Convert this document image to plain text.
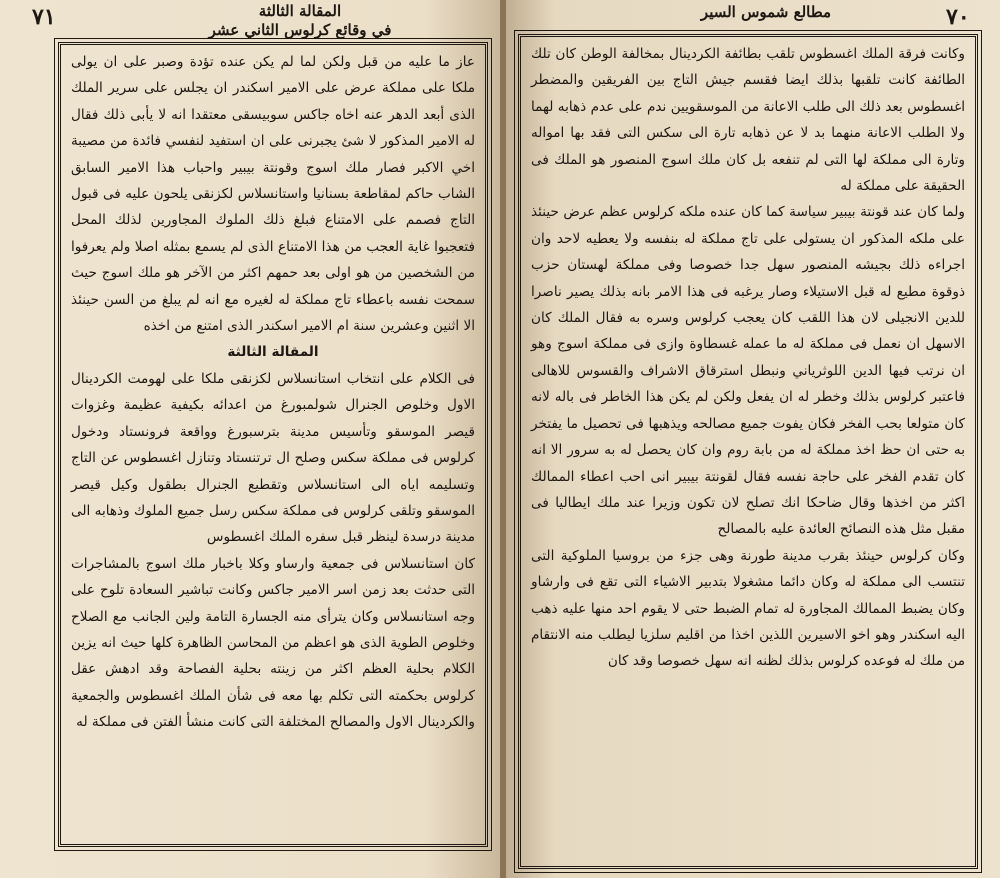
٧١	المقالة الثالثة
في وقائع كرلوس الثاني عشر

عاز ما عليه من قبل ولكن لما لم يكن عنده تؤدة وصبر على ان يولى ملكا على مملكة عرض على الامير اسكندر ان يجلس على سرير الملك الذى أبعد الدهر عنه اخاه جاكس سوبيسقى معتقدا انه لا يأبى ذلك فقال له الامير المذكور لا شئ يجبرنى على ان استفيد لنفسي فائدة من مصيبة اخي الاكبر فصار ملك اسوج وقونتة بيبير واحباب هذا الامير السابق الشاب حاكم لمقاطعة بسنانيا واستانسلاس لكزنقى يلحون عليه فى قبول التاج فصمم على الامتناع فبلغ ذلك الملوك المجاورين لذلك المحل فتعجبوا غاية العجب من هذا الامتناع الذى لم يسمع بمثله اصلا ولم يعرفوا من الشخصين من هو اولى بعد حمهم اكثر من الآخر هو ملك اسوج حيث سمحت نفسه باعطاء تاج مملكة له لغيره مع انه لم يبلغ من السن حينئذ الا اثنين وعشرين سنة ام الامير اسكندر الذى امتنع من اخذه

المقالة الثالثة

فى الكلام على انتخاب استانسلاس لكزنقى ملكا على لهومت الكردينال الاول وخلوص الجنرال شولمبورغ من اعدائه بكيفية عظيمة وغزوات قيصر الموسقو وتأسيس مدينة بترسبورغ وواقعة فرونستاد ودخول كرلوس فى مملكة سكس وصلح ال ترتنستاد وتنازل اغسطوس عن التاج وتسليمه اياه الى استانسلاس وتقطيع الجنرال بطقول وكيل قيصر الموسقو وتلقى كرلوس فى مملكة سكس رسل جميع الملوك وذهابه الى مدينة درسدة لينظر قبل سفره الملك اغسطوس

كان استانسلاس فى جمعية وارساو وكلا باخبار ملك اسوج بالمشاجرات التى حدثت بعد زمن اسر الامير جاكس وكانت تباشير السعادة تلوح على وجه استانسلاس وكان يترأى منه الجسارة التامة ولين الجانب مع الصلاح وخلوص الطوية الذى هو اعظم من المحاسن الظاهرة كلها حيث انه يزين الكلام بحلية العظم اكثر من زينته بحلية الفصاحة وقد ادهش عقل كرلوس بحكمته التى تكلم بها معه فى شأن الملك اغسطوس والجمعية والكردينال الاول والمصالح المختلفة التى كانت منشأ الفتن فى مملكة له

٧٠
مطالع شموس السير

وكانت فرقة الملك اغسطوس تلقب بطائفة الكردينال بمخالفة الوطن كان تلك الطائفة كانت تلقبها بذلك ايضا فقسم جيش التاج بين الفريقين والمضطر اغسطوس بعد ذلك الى طلب الاعانة من الموسقويين ندم على عدم ذهابه لهما ولا الطلب الاعانة منهما بد لا عن ذهابه تارة الى سكس التى فقد بها امواله وتارة الى مملكة لها التى لم تنفعه بل كان ملك اسوج المنصور هو الملك فى الحقيقة على مملكة له

ولما كان عند قونتة بيبير سياسة كما كان عنده ملكه كرلوس عظم عرض حينئذ على ملكه المذكور ان يستولى على تاج مملكة له بنفسه ولا يعطيه لاحد وان اجراءه ذلك بجيشه المنصور سهل جدا خصوصا وفى مملكة لهستان حزب ذوقوة مطيع له قبل الاستيلاء وصار يرغبه فى هذا الامر بانه بذلك يصير ناصرا للدين الانجيلى لان هذا اللقب كان يعجب كرلوس وسره به فقال الملك كان الاسهل ان نعمل فى مملكة له ما عمله غسطاوة وازى فى مملكة اسوج وهو ان نرتب فيها الدين اللوثرياني ونبطل استرقاق الاشراف والقسوس للاهالى فاعتبر كرلوس بذلك وخطر له ان يفعل ولكن لم يكن هذا الخاطر فى باله لانه كان متولعا بحب الفخر فكان يفوت جميع مصالحه ويذهبها فى تحصيل ما يفتخر به حتى ان حظ اخذ مملكة له من بابة روم وان كان يحصل له به سرور الا انه كان تقدم الفخر على حاجة نفسه فقال لقونتة بيبير انى احب اعطاء الممالك اكثر من اخذها وقال ضاحكا انك تصلح لان تكون وزيرا عند ملك ايطاليا فى مقبل مثل هذه النصائح العائدة عليه بالمصالح

وكان كرلوس حينئذ بقرب مدينة طورنة وهى جزء من بروسيا الملوكية التى تنتسب الى مملكة له وكان دائما مشغولا بتدبير الاشياء التى تقع فى وارشاو وكان يضبط الممالك المجاورة له تمام الضبط حتى لا يقوم احد منها عليه ذهب اليه اسكندر وهو اخو الاسيرين اللذين اخذا من اقليم سلزيا ليطلب منه الانتقام من ملك له فوعده كرلوس بذلك لظنه انه سهل خصوصا وقد كان
